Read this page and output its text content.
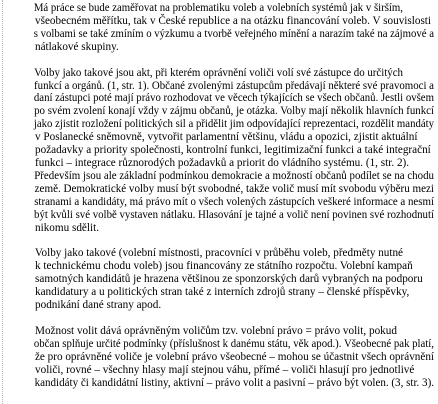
Má práce se bude zaměřovat na problematiku voleb a volebních systémů jak v širším,
všeobecném měřítku, tak v České republice a na otázku financování voleb. V souvislosti
s volbami se také zmíním o výzkumu a tvorbě veřejného mínění a narazím také na zájmové a
nátlakové skupiny.

Volby jako takové jsou akt, při kterém oprávnění voliči volí své zástupce do určitých
funkcí a orgánů. (1, str. 1). Občané zvolenými zástupcům předávají některé své pravomoci a
daní zástupci poté mají právo rozhodovat ve věcech týkajících se všech občanů. Jestli ovšem
po svém zvolení konají vždy v zájmu občanů, je otázka. Volby mají několik hlavních funkcí
jako zjistit rozložení politických sil a přidělit jim odpovídající reprezentaci, rozdělit mandáty
v Poslanecké sněmovně, vytvořit parlamentní většinu, vládu a opozici, zjistit aktuální
požadavky a priority společnosti, kontrolní funkci, legitimizační funkci a také integrační
funkci – integrace různorodých požadavků a priorit do vládního systému. (1, str. 2).
Především jsou ale základní podmínkou demokracie a možností občanů podílet se na chodu
země. Demokratické volby musí být svobodné, takže volič musí mít svobodu výběru mezi
stranami a kandidáty, má právo mít o všech volených zástupcích veškeré informace a nesmí
být kvůli své volbě vystaven nátlaku. Hlasování je tajné a volič není povinen své rozhodnutí
nikomu sdělit.

Volby jako takové (volební místnosti, pracovníci v průběhu voleb, předměty nutné
k technickému chodu voleb) jsou financovány ze státního rozpočtu. Volební kampaň
samotných kandidátů je hrazena většinou ze sponzorských darů vybraných na podporu
kandidatury a u politických stran také z interních zdrojů strany – členské příspěvky,
podnikání dané strany apod.

Možnost volit dává oprávněným voličům tzv. volební právo = právo volit, pokud
občan splňuje určité podmínky (příslušnost k danému státu, věk apod.). Všeobecné pak platí,
že pro oprávněné voliče je volební právo všeobecné – mohou se účastnit všech oprávnění
voliči, rovné – všechny hlasy mají stejnou váhu, přímé – voliči hlasují pro jednotlivé
kandidáty či kandidátní listiny, aktivní – právo volit a pasivní – právo být volen. (3, str. 3).
